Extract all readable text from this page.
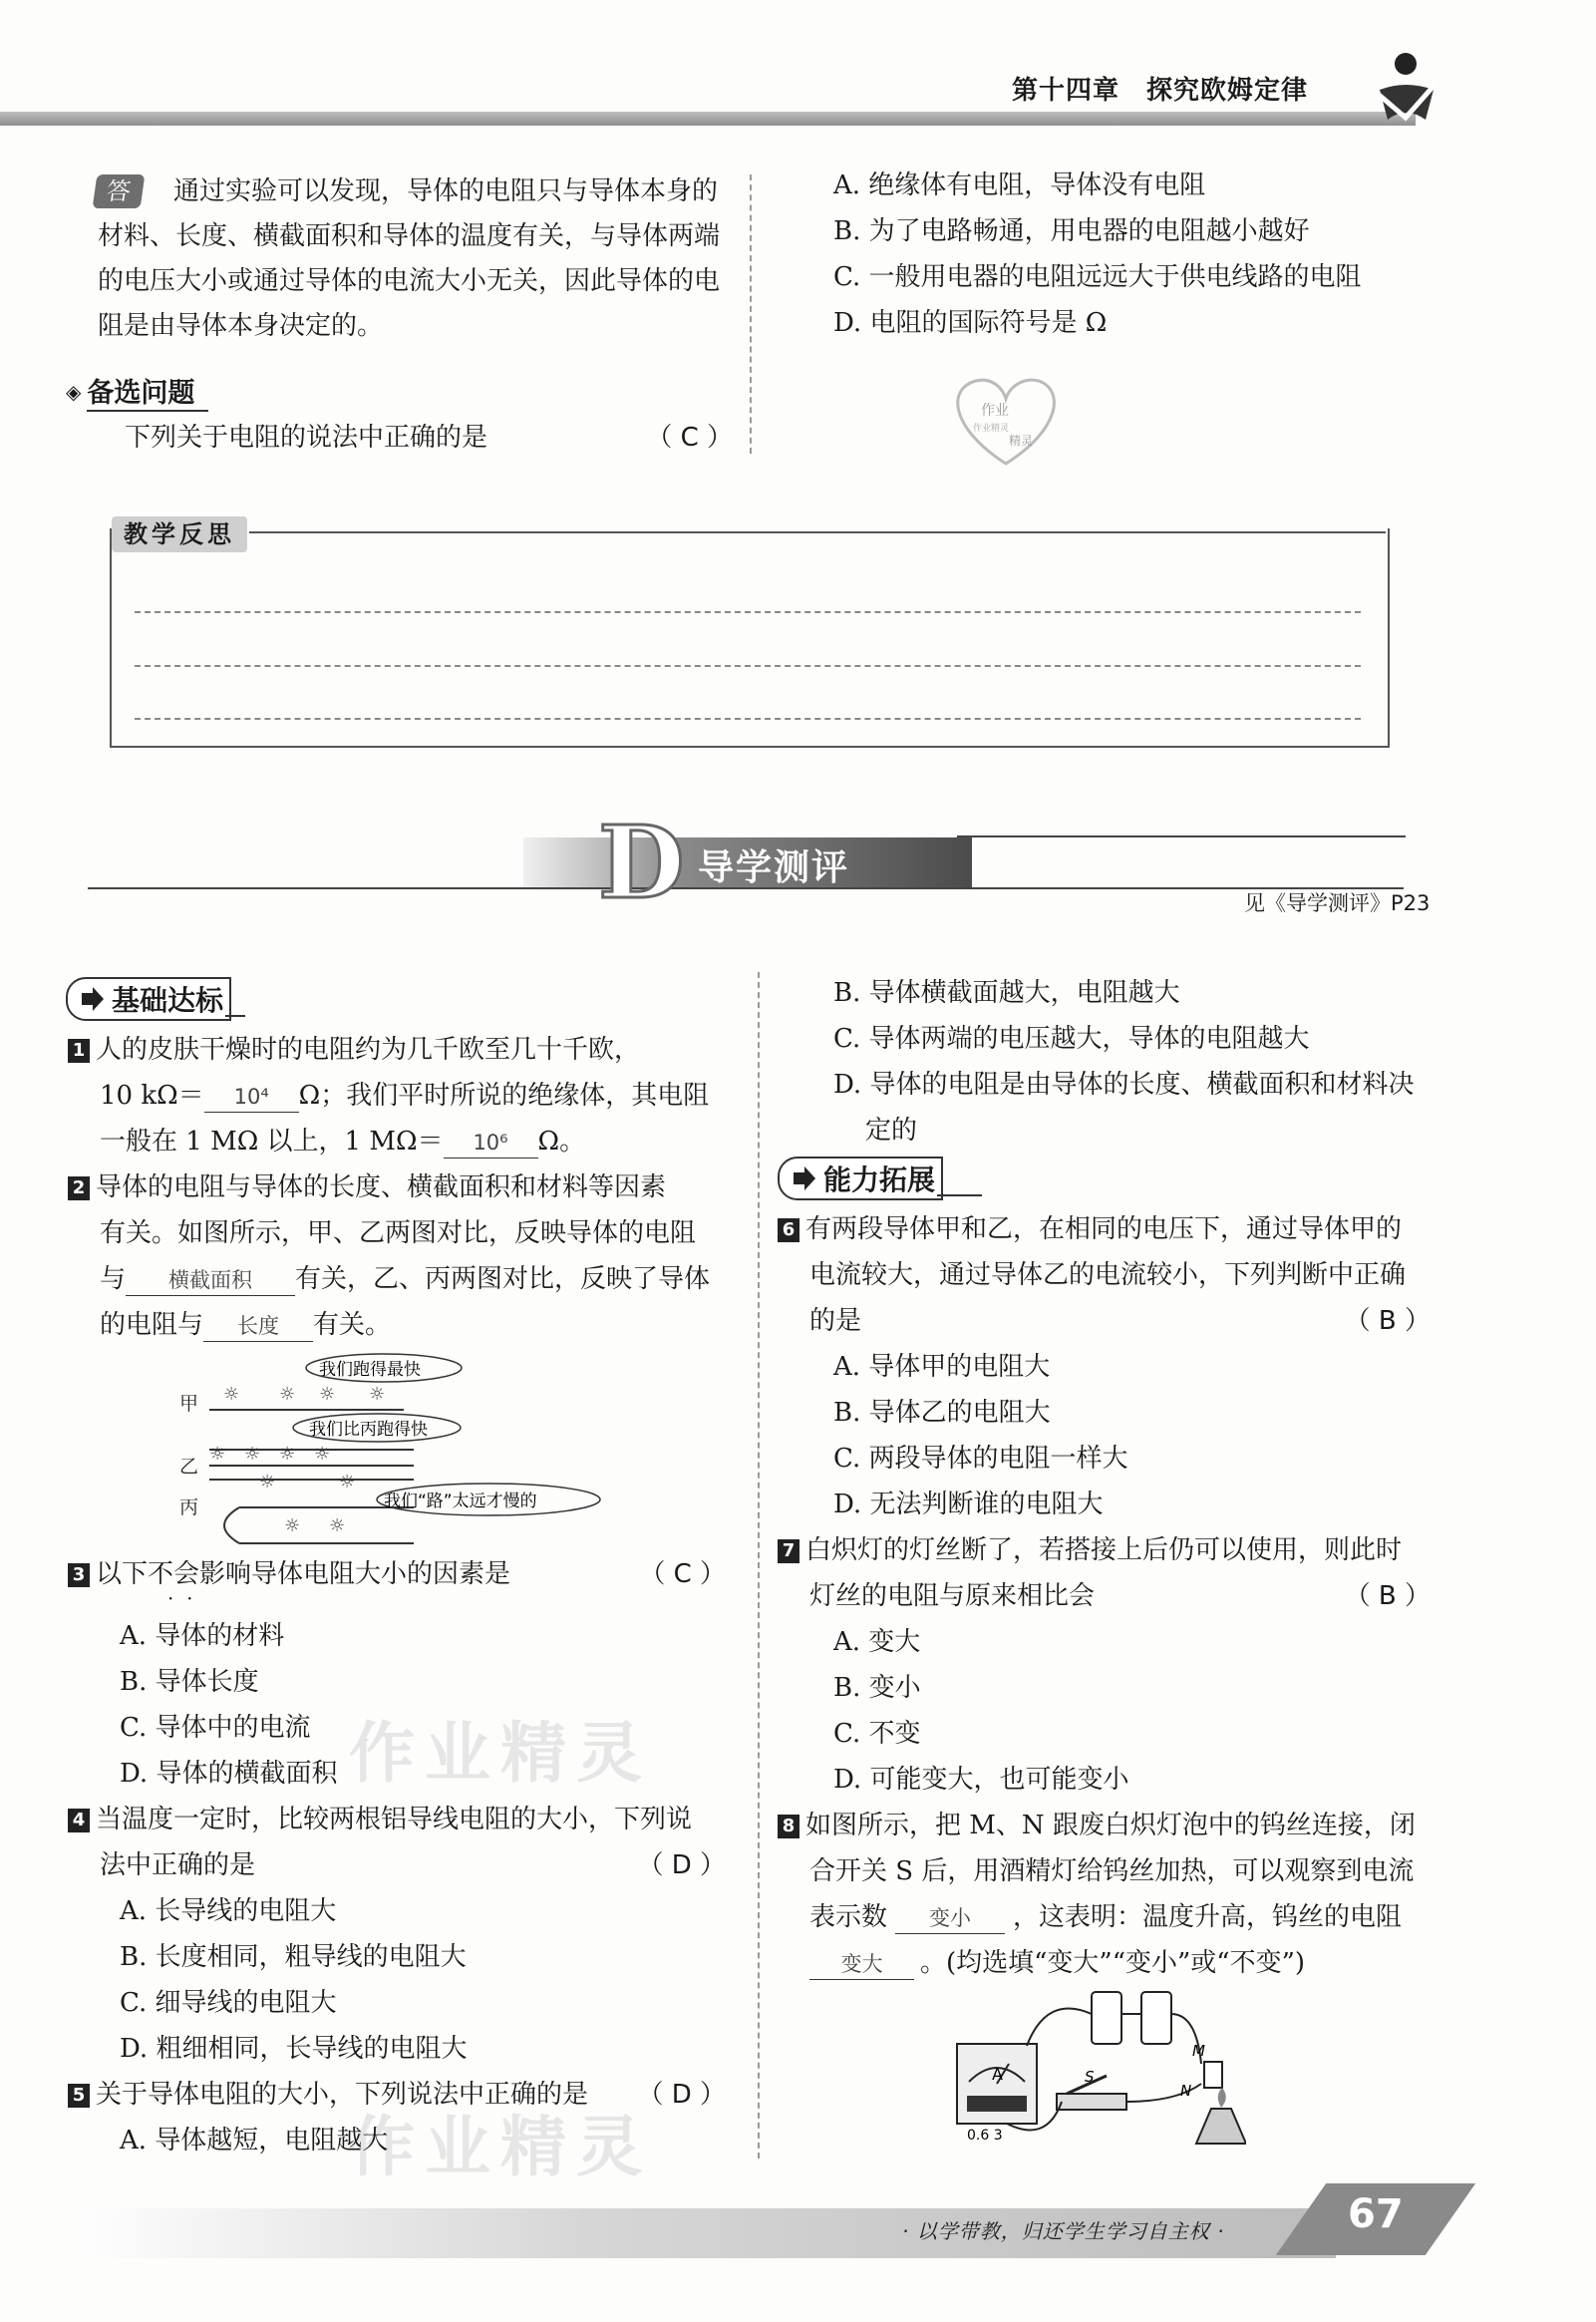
第十四章　探究欧姆定律
答	通过实验可以发现，导体的电阻只与导体本身的材料、长度、横截面积和导体的温度有关，与导体两端的电压大小或通过导体的电流大小无关，因此导体的电阻是由导体本身决定的。
◈ 备选问题
下列关于电阻的说法中正确的是	（ C ）
A. 绝缘体有电阻，导体没有电阻
B. 为了电路畅通，用电器的电阻越小越好
C. 一般用电器的电阻远远大于供电线路的电阻
D. 电阻的国际符号是 Ω
作业
作业精灵
精灵
教学反思
D 导学测评
见《导学测评》P23
作业精灵
作业精灵
基础达标
1 人的皮肤干燥时的电阻约为几千欧至几十千欧，
10 kΩ＝ 10⁴ Ω；我们平时所说的绝缘体，其电阻
一般在 1 MΩ 以上，1 MΩ＝ 10⁶ Ω。
2 导体的电阻与导体的长度、横截面积和材料等因素
有关。如图所示，甲、乙两图对比，反映导体的电阻
与 横截面积 有关，乙、丙两图对比，反映了导体
的电阻与 长度 有关。
甲
乙
丙
☼ ☼ ☼ ☼
☼ ☼ ☼ ☼
☼	☼
☼ ☼
我们跑得最快
我们比丙跑得快
我们“路”太远才慢的
3 以下不会影响导体电阻大小的因素是	（ C ）
·  ·
A. 导体的材料
B. 导体长度
C. 导体中的电流
D. 导体的横截面积
4 当温度一定时，比较两根铝导线电阻的大小，下列说
法中正确的是	（ D ）
A. 长导线的电阻大
B. 长度相同，粗导线的电阻大
C. 细导线的电阻大
D. 粗细相同，长导线的电阻大
5 关于导体电阻的大小，下列说法中正确的是 （ D ）
A. 导体越短，电阻越大
B. 导体横截面越大，电阻越大
C. 导体两端的电压越大，导体的电阻越大
D. 导体的电阻是由导体的长度、横截面积和材料决
定的
能力拓展
6 有两段导体甲和乙，在相同的电压下，通过导体甲的
电流较大，通过导体乙的电流较小，下列判断中正确
的是	（ B ）
A. 导体甲的电阻大
B. 导体乙的电阻大
C. 两段导体的电阻一样大
D. 无法判断谁的电阻大
7 白炽灯的灯丝断了，若搭接上后仍可以使用，则此时
灯丝的电阻与原来相比会	（ B ）
A. 变大
B. 变小
C. 不变
D. 可能变大，也可能变小
8 如图所示，把 M、N 跟废白炽灯泡中的钨丝连接，闭
合开关 S 后，用酒精灯给钨丝加热，可以观察到电流
表示数 变小 ，这表明：温度升高，钨丝的电阻
变大 。(均选填“变大”“变小”或“不变”)
A
0.6 3
S
M
N
· 以学带教，归还学生学习自主权 ·	67
